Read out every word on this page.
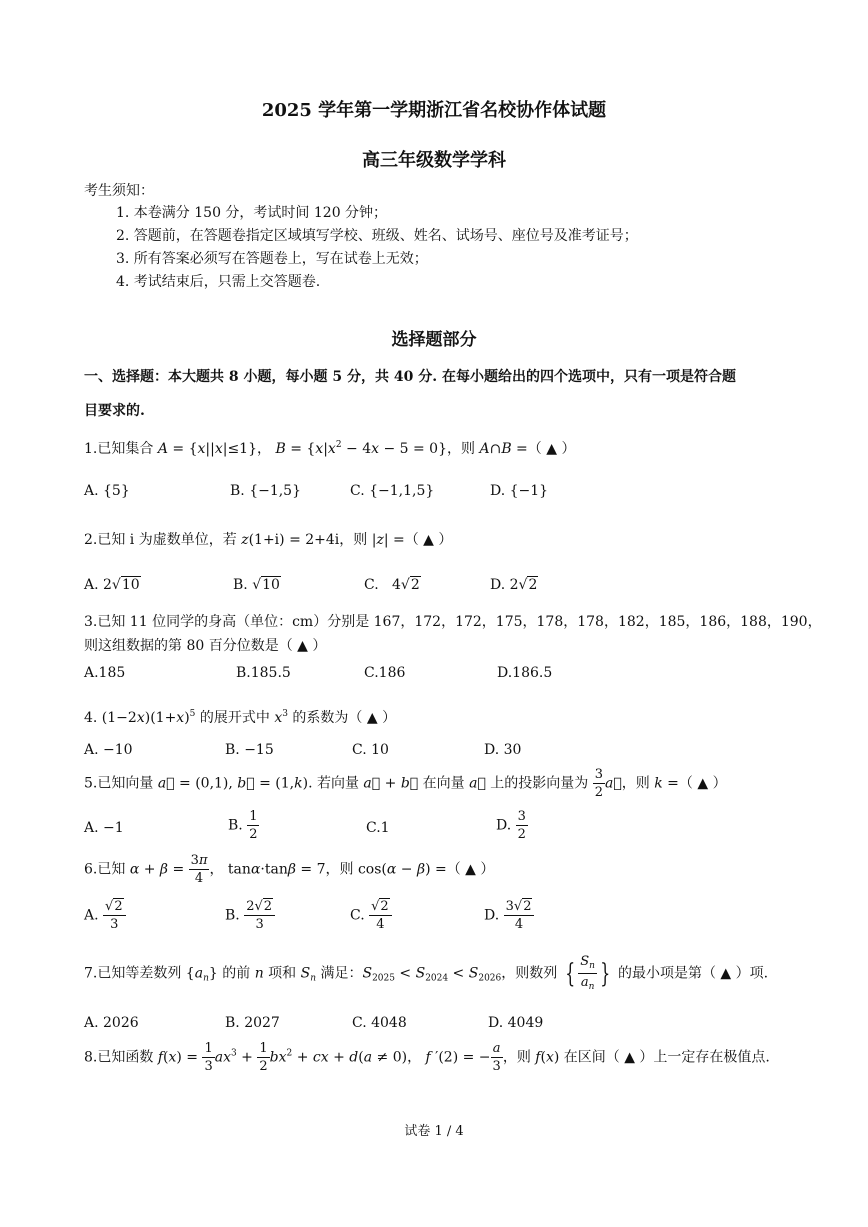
2025 学年第一学期浙江省名校协作体试题
高三年级数学学科
考生须知：
1. 本卷满分 150 分，考试时间 120 分钟；
2. 答题前，在答题卷指定区域填写学校、班级、姓名、试场号、座位号及准考证号；
3. 所有答案必须写在答题卷上，写在试卷上无效；
4. 考试结束后，只需上交答题卷.
选择题部分
一、选择题：本大题共 8 小题，每小题 5 分，共 40 分. 在每小题给出的四个选项中，只有一项是符合题
目要求的.
1.已知集合 A = {x||x|≤1}， $B = \{x|x^2 - 4x - 5 = 0\}$，则 A∩B =（ ▲ ）
A. {5}	B. {−1,5}	C. {−1,1,5}	D. {−1}
2.已知 i 为虚数单位，若 z(1+i) = 2+4i，则 |z| =（ ▲ ）
A. 2√10	B. √10	C.   4√2	D. 2√2
3.已知 11 位同学的身高（单位：cm）分别是 167，172，172，175，178，178，182，185，186，188，190，
则这组数据的第 80 百分位数是（ ▲ ）
A.185	B.185.5	C.186	D.186.5
4. $(1-2x)(1+x)^5$ 的展开式中 $x^3$ 的系数为（ ▲ ）
A. −10	B. −15	C. 10	D. 30
5.已知向量 a⃗ = (0,1), b⃗ = (1,k). 若向量 a⃗ + b⃗ 在向量 a⃗ 上的投影向量为 $\frac{3}{2}$ a⃗，则 k =（ ▲ ）
A. −1	B. $\frac{1}{2}$	C.1	D. $\frac{3}{2}$
6.已知 $\alpha + \beta = \frac{3\pi}{4}$ ， tanα·tanβ = 7，则 cos(α − β) =（ ▲ ）
A. $\frac{√2}{3}$	B. $\frac{2√2}{3}$	C. $\frac{√2}{4}$	D. $\frac{3√2}{4}$
7.已知等差数列 $\{a_n\}$ 的前 n 项和 $S_n$ 满足：$S_{2025} < S_{2024} < S_{2026}$，则数列 { $\frac{S_n}{a_n}$ } 的最小项是第（ ▲ ）项.
A. 2026	B. 2027	C. 4048	D. 4049
8.已知函数 $f(x) = \frac{1}{3} ax^3 + \frac{1}{2} bx^2$ + cx + d(a ≠ 0)， f ′(2) = − $\frac{a}{3}$ ，则 f(x) 在区间（ ▲ ）上一定存在极值点.
试卷 1 / 4
